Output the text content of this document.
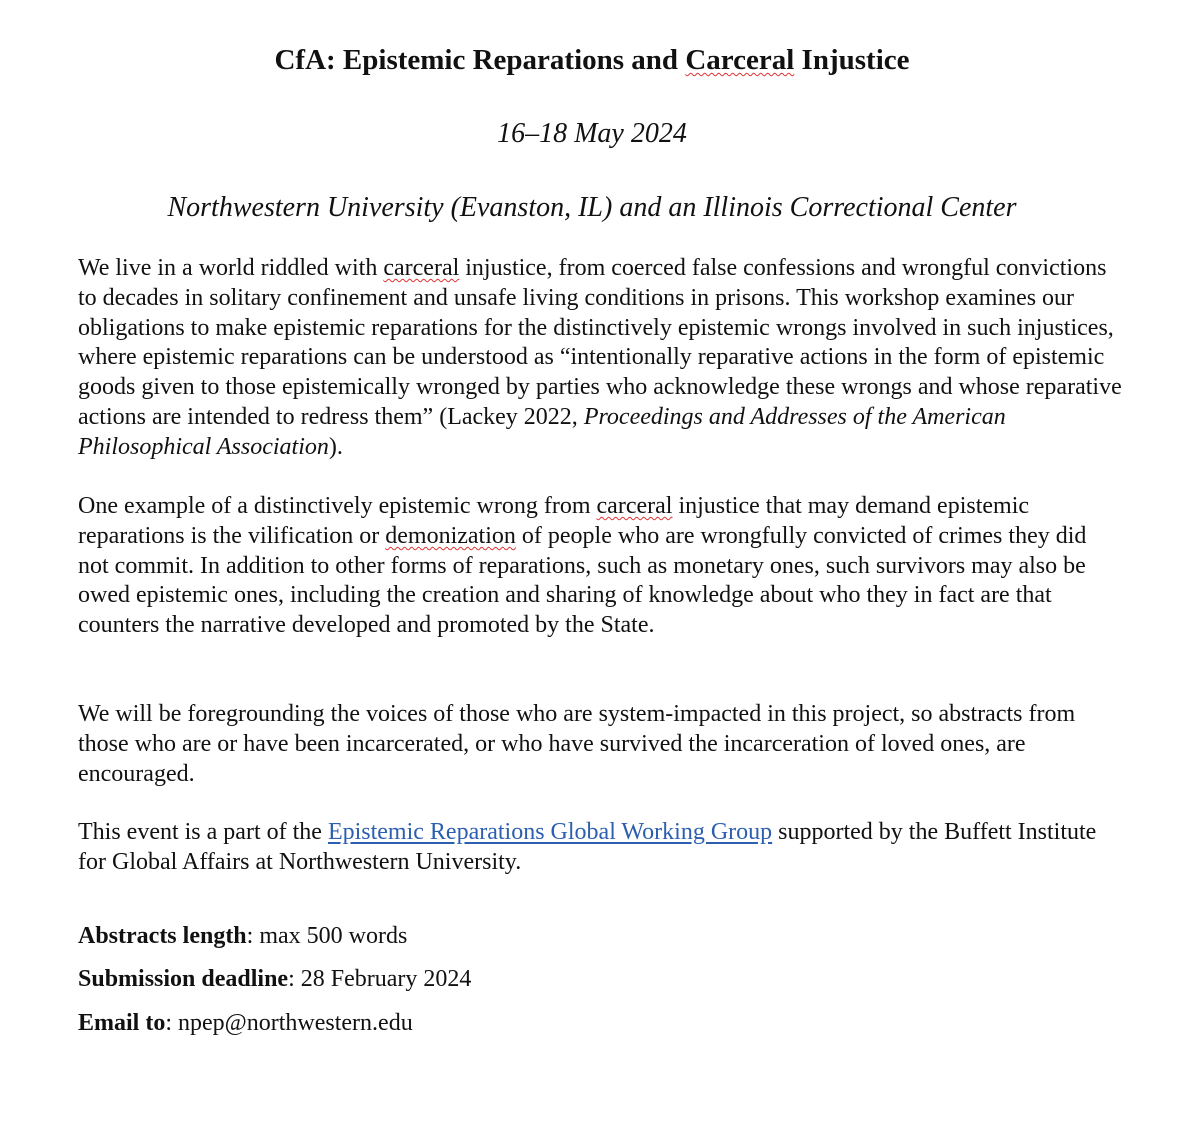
CfA: Epistemic Reparations and Carceral Injustice

16–18 May 2024

Northwestern University (Evanston, IL) and an Illinois Correctional Center

We live in a world riddled with carceral injustice, from coerced false confessions and wrongful convictions to decades in solitary confinement and unsafe living conditions in prisons. This workshop examines our obligations to make epistemic reparations for the distinctively epistemic wrongs involved in such injustices, where epistemic reparations can be understood as “intentionally reparative actions in the form of epistemic goods given to those epistemically wronged by parties who acknowledge these wrongs and whose reparative actions are intended to redress them” (Lackey 2022, Proceedings and Addresses of the American Philosophical Association).

One example of a distinctively epistemic wrong from carceral injustice that may demand epistemic reparations is the vilification or demonization of people who are wrongfully convicted of crimes they did not commit. In addition to other forms of reparations, such as monetary ones, such survivors may also be owed epistemic ones, including the creation and sharing of knowledge about who they in fact are that counters the narrative developed and promoted by the State.

We will be foregrounding the voices of those who are system-impacted in this project, so abstracts from those who are or have been incarcerated, or who have survived the incarceration of loved ones, are encouraged.

This event is a part of the Epistemic Reparations Global Working Group supported by the Buffett Institute for Global Affairs at Northwestern University.

Abstracts length: max 500 words

Submission deadline: 28 February 2024

Email to: npep@northwestern.edu
